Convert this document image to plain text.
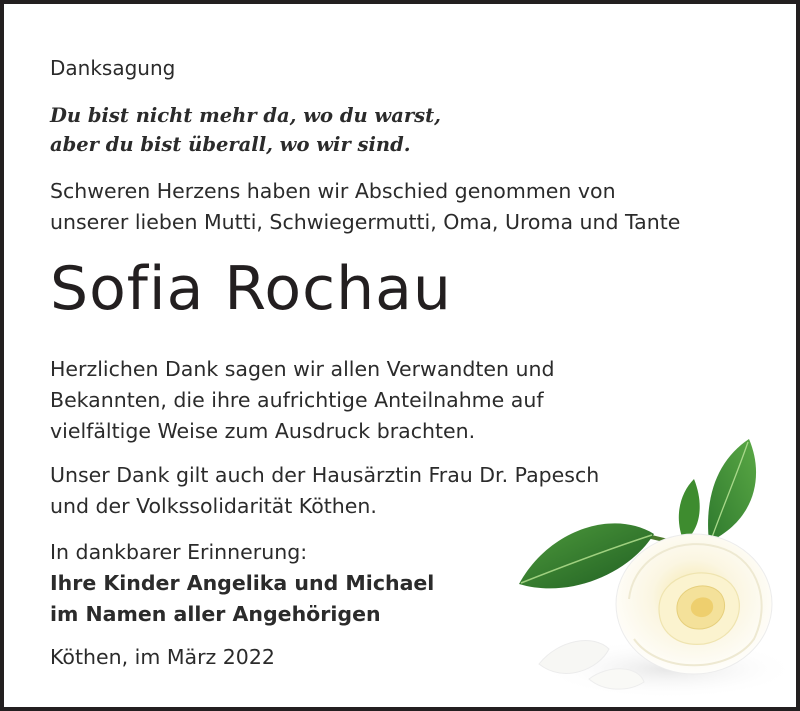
Danksagung

Du bist nicht mehr da, wo du warst,

aber du bist überall, wo wir sind.

Schweren Herzens haben wir Abschied genommen von
unserer lieben Mutti, Schwiegermutti, Oma, Uroma und Tante
Sofia Rochau
Herzlichen Dank sagen wir allen Verwandten und
Bekannten, die ihre aufrichtige Anteilnahme auf
vielfältige Weise zum Ausdruck brachten.
Unser Dank gilt auch der Hausärztin Frau Dr. Papesch
und der Volkssolidarität Köthen.

In dankbarer Erinnerung:

Ihre Kinder Angelika und Michael

im Namen aller Angehörigen

Köthen, im März 2022
